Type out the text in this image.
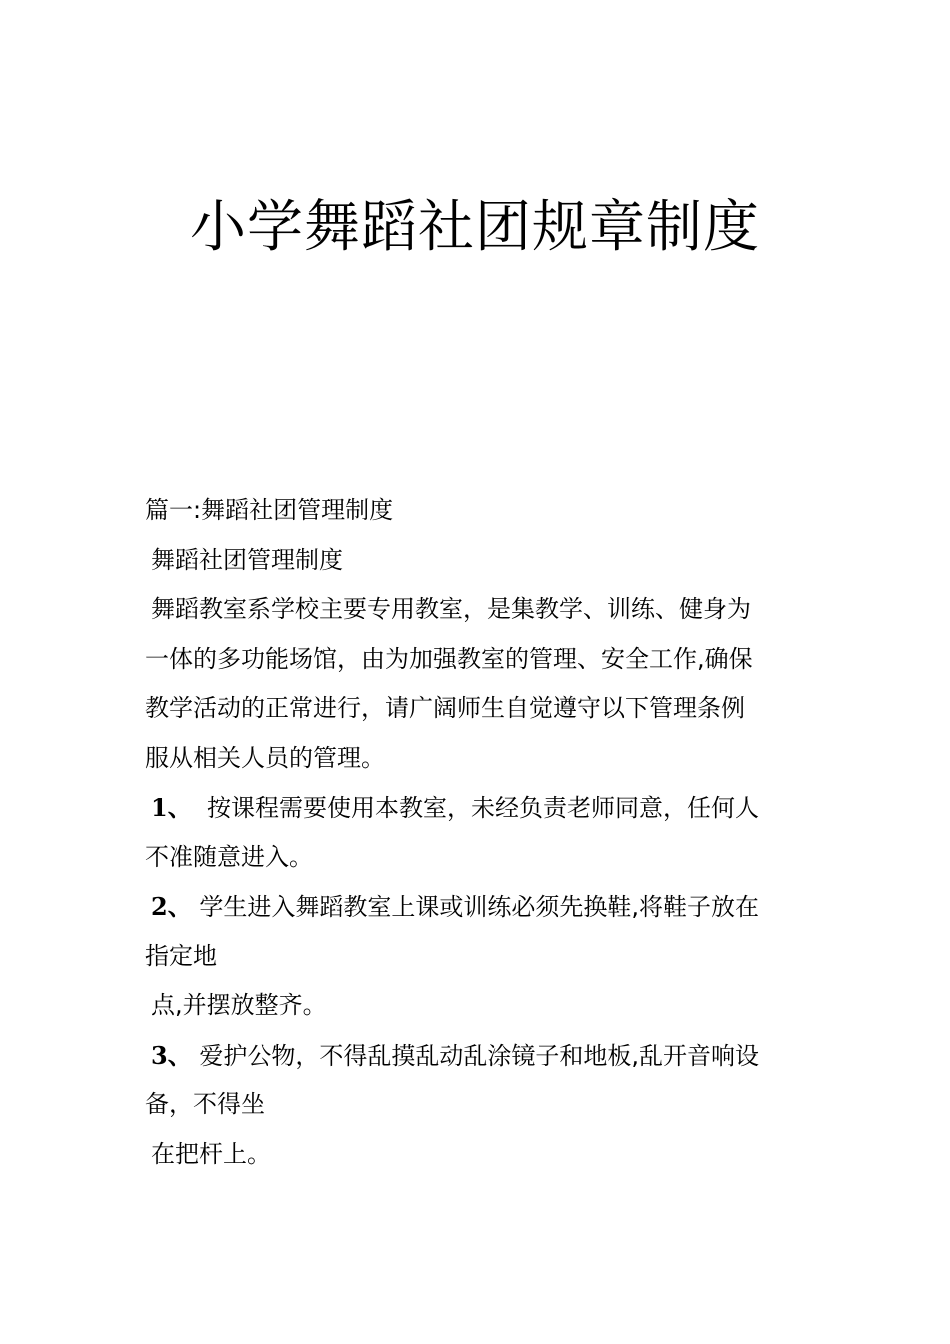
小学舞蹈社团规章制度
篇一:舞蹈社团管理制度
舞蹈社团管理制度
舞蹈教室系学校主要专用教室，是集教学、训练、健身为
一体的多功能场馆，由为加强教室的管理、安全工作,确保
教学活动的正常进行，请广阔师生自觉遵守以下管理条例
服从相关人员的管理。
1、 按课程需要使用本教室，未经负责老师同意，任何人
不准随意进入。
2、 学生进入舞蹈教室上课或训练必须先换鞋,将鞋子放在
指定地
点,并摆放整齐。
3、 爱护公物，不得乱摸乱动乱涂镜子和地板,乱开音响设
备，不得坐
在把杆上。
